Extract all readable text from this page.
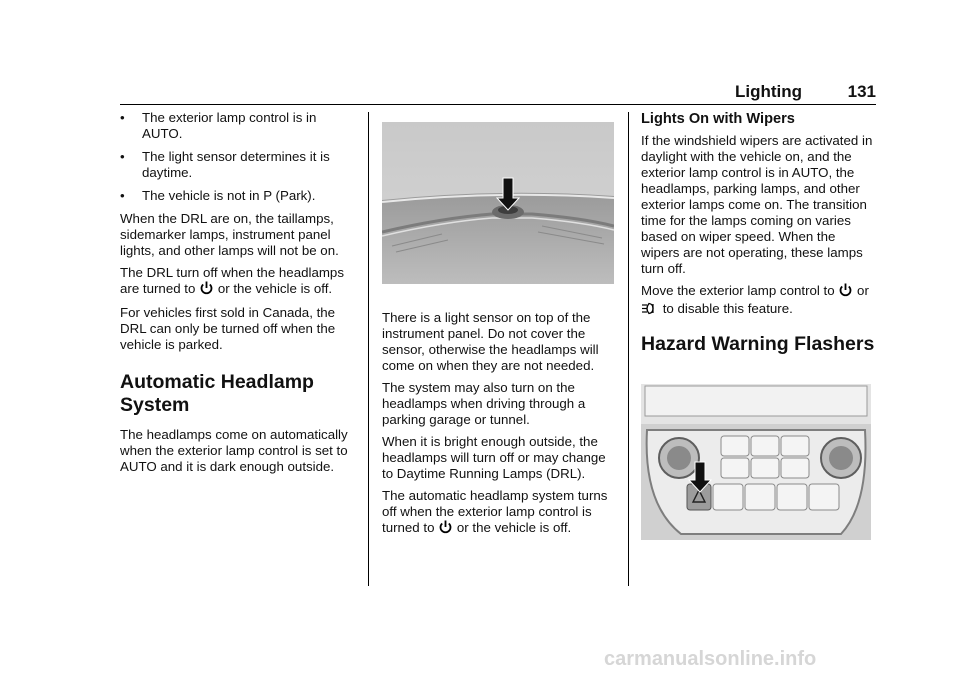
Lighting	131
• The exterior lamp control is in AUTO.
• The light sensor determines it is daytime.
• The vehicle is not in P (Park).

When the DRL are on, the taillamps, sidemarker lamps, instrument panel lights, and other lamps will not be on.

The DRL turn off when the headlamps are turned to or the vehicle is off.

For vehicles first sold in Canada, the DRL can only be turned off when the vehicle is parked.

Automatic Headlamp System

The headlamps come on automatically when the exterior lamp control is set to AUTO and it is dark enough outside.

There is a light sensor on top of the instrument panel. Do not cover the sensor, otherwise the headlamps will come on when they are not needed.

The system may also turn on the headlamps when driving through a parking garage or tunnel.

When it is bright enough outside, the headlamps will turn off or may change to Daytime Running Lamps (DRL).

The automatic headlamp system turns off when the exterior lamp control is turned to or the vehicle is off.

Lights On with Wipers

If the windshield wipers are activated in daylight with the vehicle on, and the exterior lamp control is in AUTO, the headlamps, parking lamps, and other exterior lamps come on. The transition time for the lamps coming on varies based on wiper speed. When the wipers are not operating, these lamps turn off.

Move the exterior lamp control to or  to disable this feature.

Hazard Warning Flashers
carmanualsonline.info
